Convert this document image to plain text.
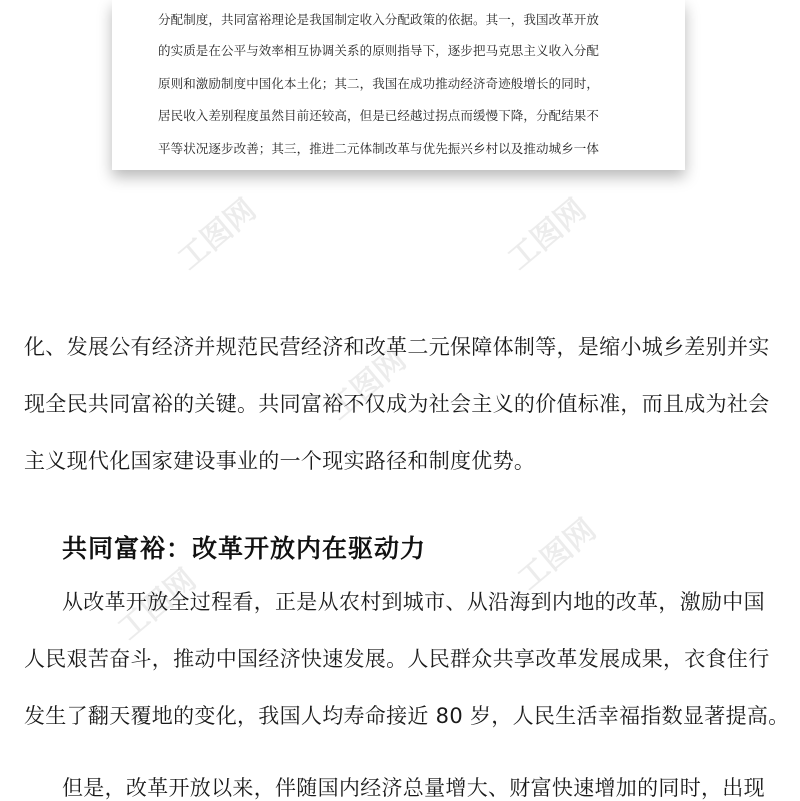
分配制度，共同富裕理论是我国制定收入分配政策的依据。其一，我国改革开放

的实质是在公平与效率相互协调关系的原则指导下，逐步把马克思主义收入分配

原则和激励制度中国化本土化；其二，我国在成功推动经济奇迹般增长的同时，

居民收入差别程度虽然目前还较高，但是已经越过拐点而缓慢下降，分配结果不

平等状况逐步改善；其三，推进二元体制改革与优先振兴乡村以及推动城乡一体

工图网	工图网
工图网
工图网
工图网
化、发展公有经济并规范民营经济和改革二元保障体制等，是缩小城乡差别并实
现全民共同富裕的关键。共同富裕不仅成为社会主义的价值标准，而且成为社会
主义现代化国家建设事业的一个现实路径和制度优势。
共同富裕：改革开放内在驱动力
从改革开放全过程看，正是从农村到城市、从沿海到内地的改革，激励中国
人民艰苦奋斗，推动中国经济快速发展。人民群众共享改革发展成果，衣食住行
发生了翻天覆地的变化，我国人均寿命接近 80 岁，人民生活幸福指数显著提高。
但是，改革开放以来，伴随国内经济总量增大、财富快速增加的同时，出现
